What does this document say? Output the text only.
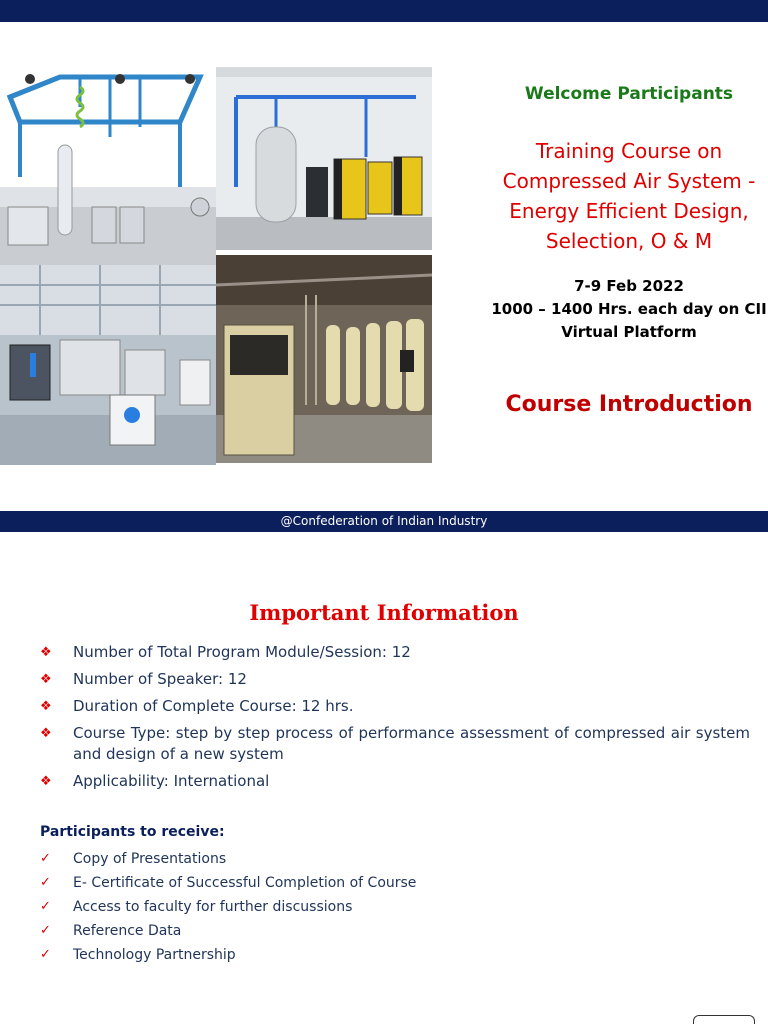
Welcome Participants
Training Course on
Compressed Air System -
Energy Efficient Design,
Selection, O & M
7-9 Feb 2022
1000 – 1400 Hrs. each day on CII
Virtual Platform
Course Introduction
@Confederation of Indian Industry
Important Information
❖ Number of Total Program Module/Session: 12
❖ Number of Speaker: 12
❖ Duration of Complete Course: 12 hrs.
❖ Course Type: step by step process of performance assessment of compressed air system and design of a new system
❖ Applicability: International
Participants to receive:
✓ Copy of Presentations
✓ E- Certificate of Successful Completion of Course
✓ Access to faculty for further discussions
✓ Reference Data
✓ Technology Partnership
